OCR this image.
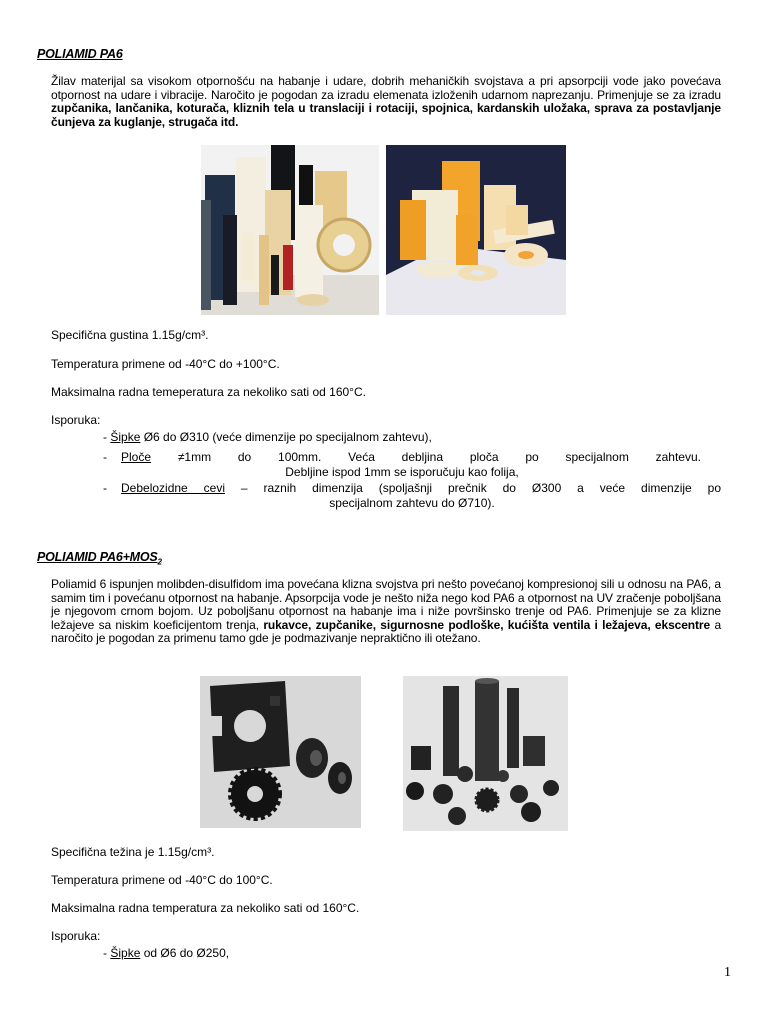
POLIAMID PA6
Žilav materijal sa visokom otpornošću na habanje i udare, dobrih mehaničkih svojstava a pri apsorpciji vode jako povećava otpornost na udare i vibracije. Naročito je pogodan za izradu elemenata izloženih udarnom naprezanju. Primenjuje se za izradu zupčanika, lančanika, koturača, kliznih tela u translaciji i rotaciji, spojnica, kardanskih uložaka, sprava za postavljanje čunjeva za kuglanje, strugača itd.
Specifična gustina 1.15g/cm³.
Temperatura primene od -40°C do +100°C.
Maksimalna radna temeperatura za nekoliko sati od 160°C.
Isporuka:
- Šipke Ø6 do Ø310 (veće dimenzije po specijalnom zahtevu),
-	Ploče ≠1mm do 100mm. Veća debljina ploča po specijalnom zahtevu.
Debljine ispod 1mm se isporučuju kao folija,
-	Debelozidne cevi – raznih dimenzija (spoljašnji prečnik do Ø300 a veće dimenzije po
specijalnom zahtevu do Ø710).
POLIAMID $PA6+MOS_2$
Poliamid 6 ispunjen molibden-disulfidom ima povećana klizna svojstva pri nešto povećanoj kompresionoj sili u odnosu na PA6, a samim tim i povećanu otpornost na habanje. Apsorpcija vode je nešto niža nego kod PA6 a otpornost na UV zračenje poboljšana je njegovom crnom bojom. Uz poboljšanu otpornost na habanje ima i niže površinsko trenje od PA6. Primenjuje se za klizne ležajeve sa niskim koeficijentom trenja, rukavce, zupčanike, sigurnosne podloške, kućišta ventila i ležajeva, ekscentre a naročito je pogodan za primenu tamo gde je podmazivanje nepraktično ili otežano.
Specifična težina je 1.15g/cm³.
Temperatura primene od -40°C do 100°C.
Maksimalna radna temperatura za nekoliko sati od 160°C.
Isporuka:
- Šipke od Ø6 do Ø250,
1
